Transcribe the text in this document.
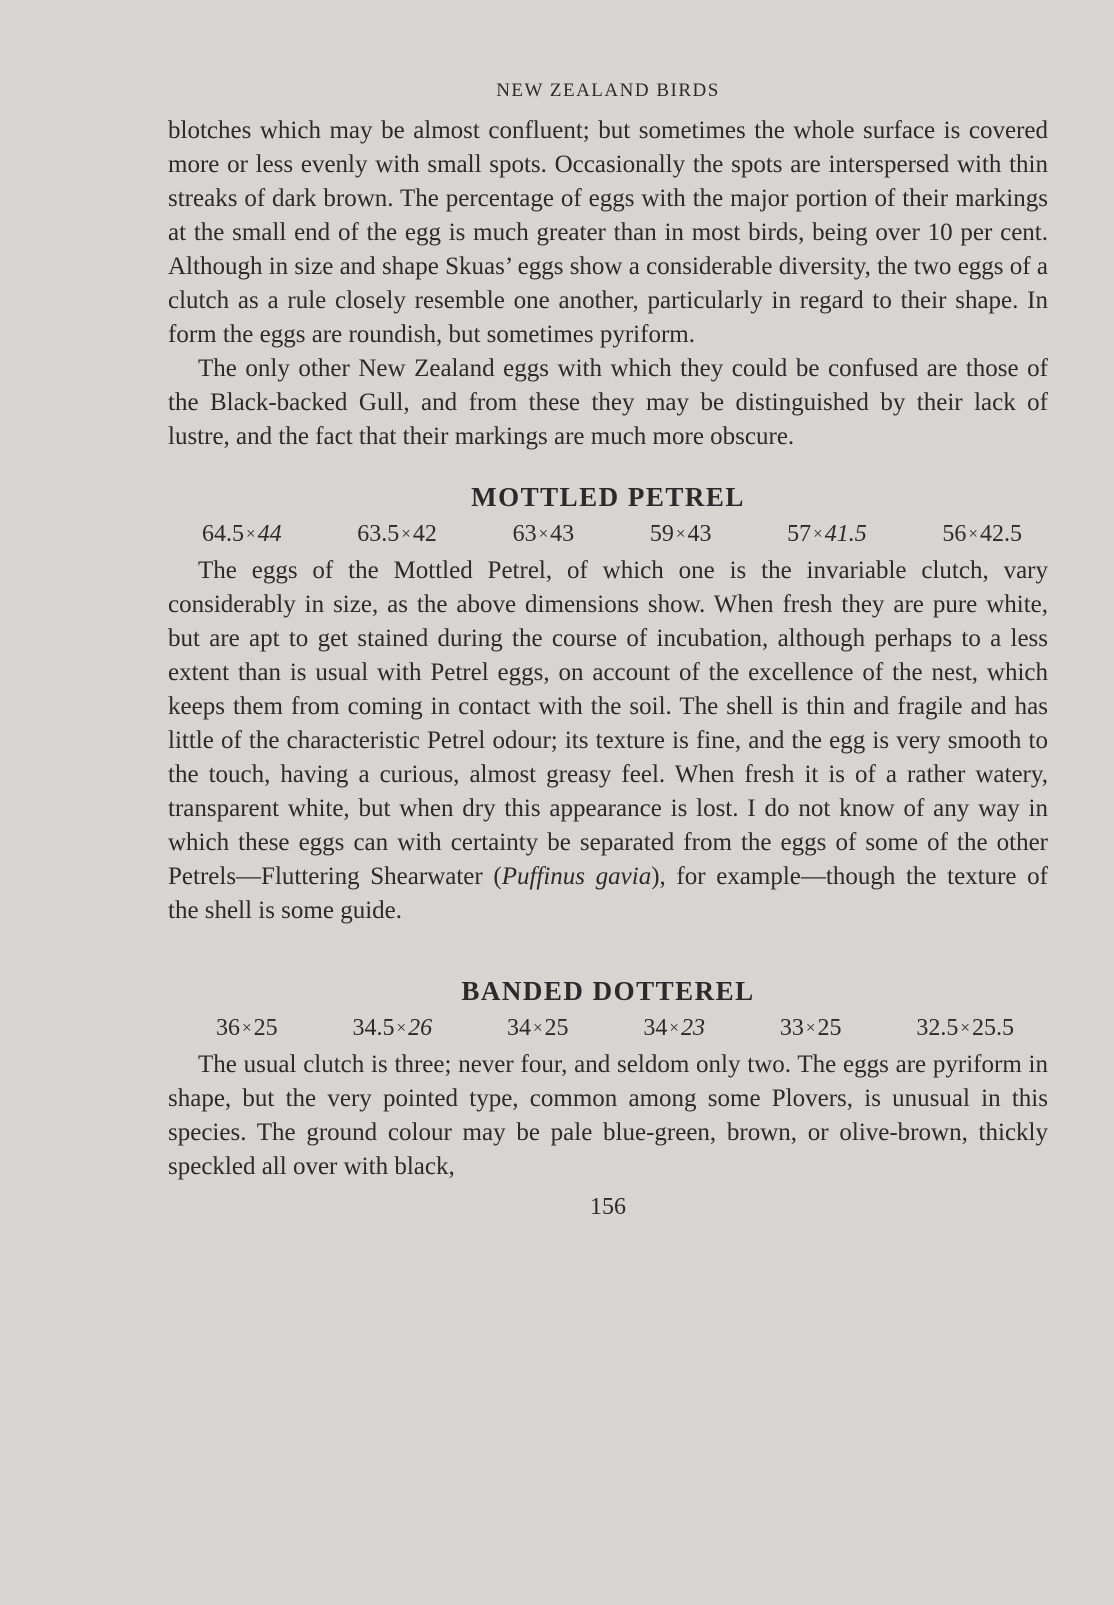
NEW ZEALAND BIRDS

blotches which may be almost confluent; but sometimes the whole surface is covered more or less evenly with small spots. Occasionally the spots are interspersed with thin streaks of dark brown. The percentage of eggs with the major portion of their markings at the small end of the egg is much greater than in most birds, being over 10 per cent. Although in size and shape Skuas’ eggs show a considerable diversity, the two eggs of a clutch as a rule closely resemble one another, particularly in regard to their shape. In form the eggs are roundish, but sometimes pyriform.

The only other New Zealand eggs with which they could be confused are those of the Black-backed Gull, and from these they may be distinguished by their lack of lustre, and the fact that their markings are much more obscure.

MOTTLED PETREL
64.5 ×44	63.5 ×42	63 ×43	59 ×43	57 ×41.5	56 ×42.5

The eggs of the Mottled Petrel, of which one is the invariable clutch, vary considerably in size, as the above dimensions show. When fresh they are pure white, but are apt to get stained during the course of incubation, although perhaps to a less extent than is usual with Petrel eggs, on account of the excellence of the nest, which keeps them from coming in contact with the soil. The shell is thin and fragile and has little of the characteristic Petrel odour; its texture is fine, and the egg is very smooth to the touch, having a curious, almost greasy feel. When fresh it is of a rather watery, transparent white, but when dry this appearance is lost. I do not know of any way in which these eggs can with certainty be separated from the eggs of some of the other Petrels—Fluttering Shearwater (Puffinus gavia), for example—though the texture of the shell is some guide.

BANDED DOTTEREL
36 ×25	34.5 ×26	34 ×25	34 ×23	33 ×25	32.5 ×25.5

The usual clutch is three; never four, and seldom only two. The eggs are pyriform in shape, but the very pointed type, common among some Plovers, is unusual in this species. The ground colour may be pale blue-green, brown, or olive-brown, thickly speckled all over with black,

156
